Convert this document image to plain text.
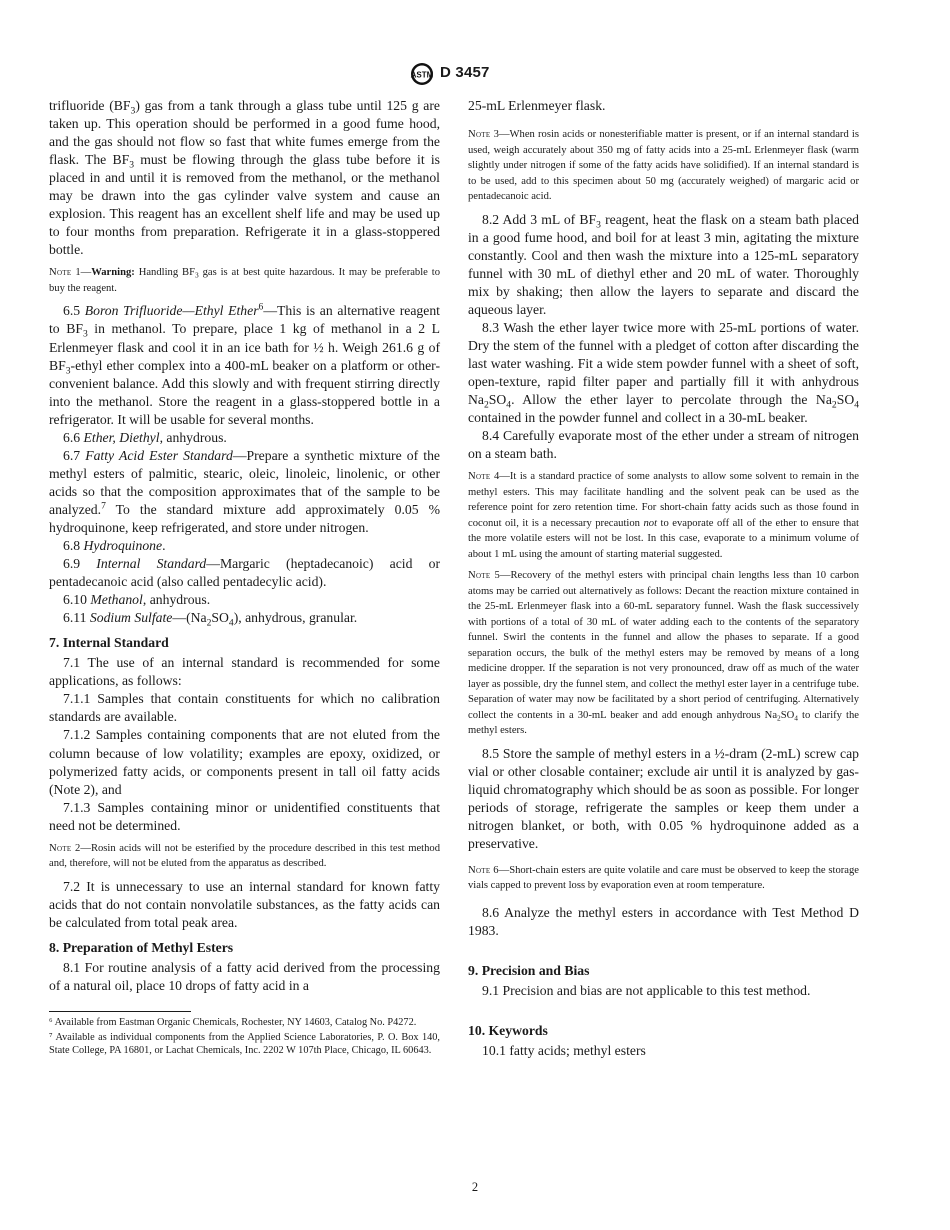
ASTM D 3457

trifluoride $(BF_3)$ gas from a tank through a glass tube until 125 g are taken up. This operation should be performed in a good fume hood, and the gas should not flow so fast that white fumes emerge from the flask. The $BF_3$ must be flowing through the glass tube before it is placed in and until it is removed from the methanol, or the methanol may be drawn into the gas cylinder valve system and cause an explosion. This reagent has an excellent shelf life and may be used up to four months from preparation. Refrigerate it in a glass-stoppered bottle.

Note 1—Warning: Handling $BF_3$ gas is at best quite hazardous. It may be preferable to buy the reagent.

6.5 Boron Trifluoride—Ethyl Ether$^6$—This is an alternative reagent to $BF_3$ in methanol. To prepare, place 1 kg of methanol in a 2 L Erlenmeyer flask and cool it in an ice bath for ½ h. Weigh 261.6 g of $BF_3$-ethyl ether complex into a 400-mL beaker on a platform or other-convenient balance. Add this slowly and with frequent stirring directly into the methanol. Store the reagent in a glass-stoppered bottle in a refrigerator. It will be usable for several months.

6.6 Ether, Diethyl, anhydrous.

6.7 Fatty Acid Ester Standard—Prepare a synthetic mixture of the methyl esters of palmitic, stearic, oleic, linoleic, linolenic, or other acids so that the composition approximates that of the sample to be analyzed.$^7$ To the standard mixture add approximately 0.05 % hydroquinone, keep refrigerated, and store under nitrogen.

6.8 Hydroquinone.

6.9 Internal Standard—Margaric (heptadecanoic) acid or pentadecanoic acid (also called pentadecylic acid).

6.10 Methanol, anhydrous.

6.11 Sodium $Sulfate—(Na_2SO_4)$, anhydrous, granular.

7. Internal Standard

7.1 The use of an internal standard is recommended for some applications, as follows:

7.1.1 Samples that contain constituents for which no calibration standards are available.

7.1.2 Samples containing components that are not eluted from the column because of low volatility; examples are epoxy, oxidized, or polymerized fatty acids, or components present in tall oil fatty acids (Note 2), and

7.1.3 Samples containing minor or unidentified constituents that need not be determined.

Note 2—Rosin acids will not be esterified by the procedure described in this test method and, therefore, will not be eluted from the apparatus as described.

7.2 It is unnecessary to use an internal standard for known fatty acids that do not contain nonvolatile substances, as the fatty acids can be calculated from total peak area.

8. Preparation of Methyl Esters

8.1 For routine analysis of a fatty acid derived from the processing of a natural oil, place 10 drops of fatty acid in a

⁶ Available from Eastman Organic Chemicals, Rochester, NY 14603, Catalog No. P4272.

⁷ Available as individual components from the Applied Science Laboratories, P. O. Box 140, State College, PA 16801, or Lachat Chemicals, Inc. 2202 W 107th Place, Chicago, IL 60643.

25-mL Erlenmeyer flask.

Note 3—When rosin acids or nonesterifiable matter is present, or if an internal standard is used, weigh accurately about 350 mg of fatty acids into a 25-mL Erlenmeyer flask (warm slightly under nitrogen if some of the fatty acids have solidified). If an internal standard is to be used, add to this specimen about 50 mg (accurately weighed) of margaric acid or pentadecanoic acid.

8.2 Add 3 mL of $BF_3$ reagent, heat the flask on a steam bath placed in a good fume hood, and boil for at least 3 min, agitating the mixture constantly. Cool and then wash the mixture into a 125-mL separatory funnel with 30 mL of diethyl ether and 20 mL of water. Thoroughly mix by shaking; then allow the layers to separate and discard the aqueous layer.

8.3 Wash the ether layer twice more with 25-mL portions of water. Dry the stem of the funnel with a pledget of cotton after discarding the last water washing. Fit a wide stem powder funnel with a sheet of soft, open-texture, rapid filter paper and partially fill it with anhydrous $Na_2SO_4$. Allow the ether layer to percolate through the $Na_2SO_4$ contained in the powder funnel and collect in a 30-mL beaker.

8.4 Carefully evaporate most of the ether under a stream of nitrogen on a steam bath.

Note 4—It is a standard practice of some analysts to allow some solvent to remain in the methyl esters. This may facilitate handling and the solvent peak can be used as the reference point for zero retention time. For short-chain fatty acids such as those found in coconut oil, it is a necessary precaution not to evaporate off all of the ether to ensure that the more volatile esters will not be lost. In this case, evaporate to a minimum volume of about 1 mL using the amount of starting material suggested.

Note 5—Recovery of the methyl esters with principal chain lengths less than 10 carbon atoms may be carried out alternatively as follows: Decant the reaction mixture contained in the 25-mL Erlenmeyer flask into a 60-mL separatory funnel. Wash the flask successively with portions of a total of 30 mL of water adding each to the contents of the separatory funnel. Swirl the contents in the funnel and allow the phases to separate. If a good separation occurs, the bulk of the methyl esters may be removed by means of a long medicine dropper. If the separation is not very pronounced, draw off as much of the water layer as possible, dry the funnel stem, and collect the methyl ester layer in a centrifuge tube. Separation of water may now be facilitated by a short period of centrifuging. Alternatively collect the contents in a 30-mL beaker and add enough anhydrous $Na_2SO_4$ to clarify the methyl esters.

8.5 Store the sample of methyl esters in a ½-dram (2-mL) screw cap vial or other closable container; exclude air until it is analyzed by gas-liquid chromatography which should be as soon as possible. For longer periods of storage, refrigerate the samples or keep them under a nitrogen blanket, or both, with 0.05 % hydroquinone added as a preservative.

Note 6—Short-chain esters are quite volatile and care must be observed to keep the storage vials capped to prevent loss by evaporation even at room temperature.

8.6 Analyze the methyl esters in accordance with Test Method D 1983.

9. Precision and Bias

9.1 Precision and bias are not applicable to this test method.

10. Keywords

10.1 fatty acids; methyl esters

2
